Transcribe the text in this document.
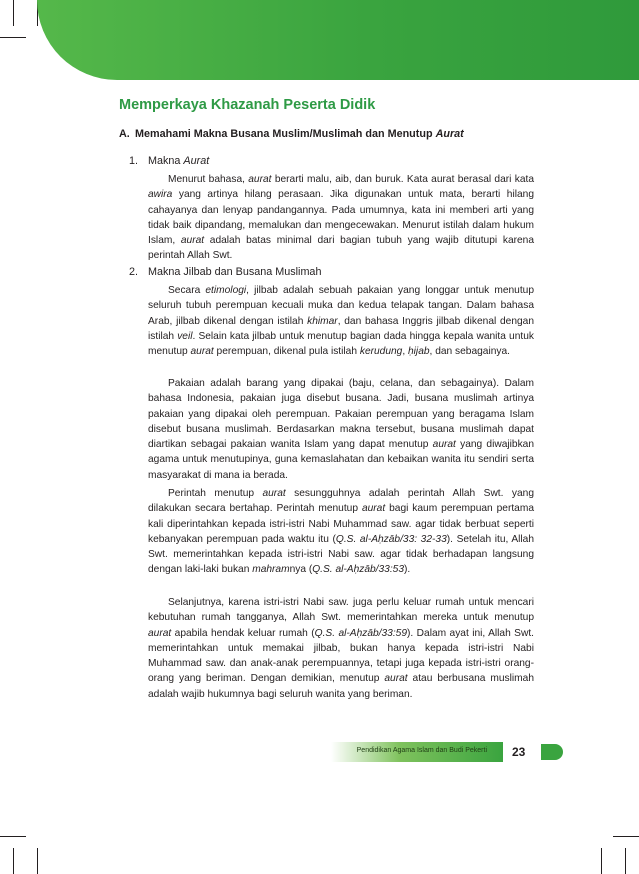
Memperkaya Khazanah Peserta Didik
A. Memahami Makna Busana Muslim/Muslimah dan Menutup Aurat
1. Makna Aurat

Menurut bahasa, aurat berarti malu, aib, dan buruk. Kata aurat berasal dari kata awira yang artinya hilang perasaan. Jika digunakan untuk mata, berarti hilang cahayanya dan lenyap pandangannya. Pada umumnya, kata ini memberi arti yang tidak baik dipandang, memalukan dan mengecewakan. Menurut istilah dalam hukum Islam, aurat adalah batas minimal dari bagian tubuh yang wajib ditutupi karena perintah Allah Swt.

2. Makna Jilbab dan Busana Muslimah

Secara etimologi, jilbab adalah sebuah pakaian yang longgar untuk menutup seluruh tubuh perempuan kecuali muka dan kedua telapak tangan. Dalam bahasa Arab, jilbab dikenal dengan istilah khimar, dan bahasa Inggris jilbab dikenal dengan istilah veil. Selain kata jilbab untuk menutup bagian dada hingga kepala wanita untuk menutup aurat perempuan, dikenal pula istilah kerudung, ḥijab, dan sebagainya.

Pakaian adalah barang yang dipakai (baju, celana, dan sebagainya). Dalam bahasa Indonesia, pakaian juga disebut busana. Jadi, busana muslimah artinya pakaian yang dipakai oleh perempuan. Pakaian perempuan yang beragama Islam disebut busana muslimah. Berdasarkan makna tersebut, busana muslimah dapat diartikan sebagai pakaian wanita Islam yang dapat menutup aurat yang diwajibkan agama untuk menutupinya, guna kemaslahatan dan kebaikan wanita itu sendiri serta masyarakat di mana ia berada.

Perintah menutup aurat sesungguhnya adalah perintah Allah Swt. yang dilakukan secara bertahap. Perintah menutup aurat bagi kaum perempuan pertama kali diperintahkan kepada istri-istri Nabi Muhammad saw. agar tidak berbuat seperti kebanyakan perempuan pada waktu itu (Q.S. al-Aḥzāb/33: 32-33). Setelah itu, Allah Swt. memerintahkan kepada istri-istri Nabi saw. agar tidak berhadapan langsung dengan laki-laki bukan mahramnya (Q.S. al-Aḥzāb/33:53).

Selanjutnya, karena istri-istri Nabi saw. juga perlu keluar rumah untuk mencari kebutuhan rumah tangganya, Allah Swt. memerintahkan mereka untuk menutup aurat apabila hendak keluar rumah (Q.S. al-Aḥzāb/33:59). Dalam ayat ini, Allah Swt. memerintahkan untuk memakai jilbab, bukan hanya kepada istri-istri Nabi Muhammad saw. dan anak-anak perempuannya, tetapi juga kepada istri-istri orang-orang yang beriman. Dengan demikian, menutup aurat atau berbusana muslimah adalah wajib hukumnya bagi seluruh wanita yang beriman.

Pendidikan Agama Islam dan Budi Pekerti 23
